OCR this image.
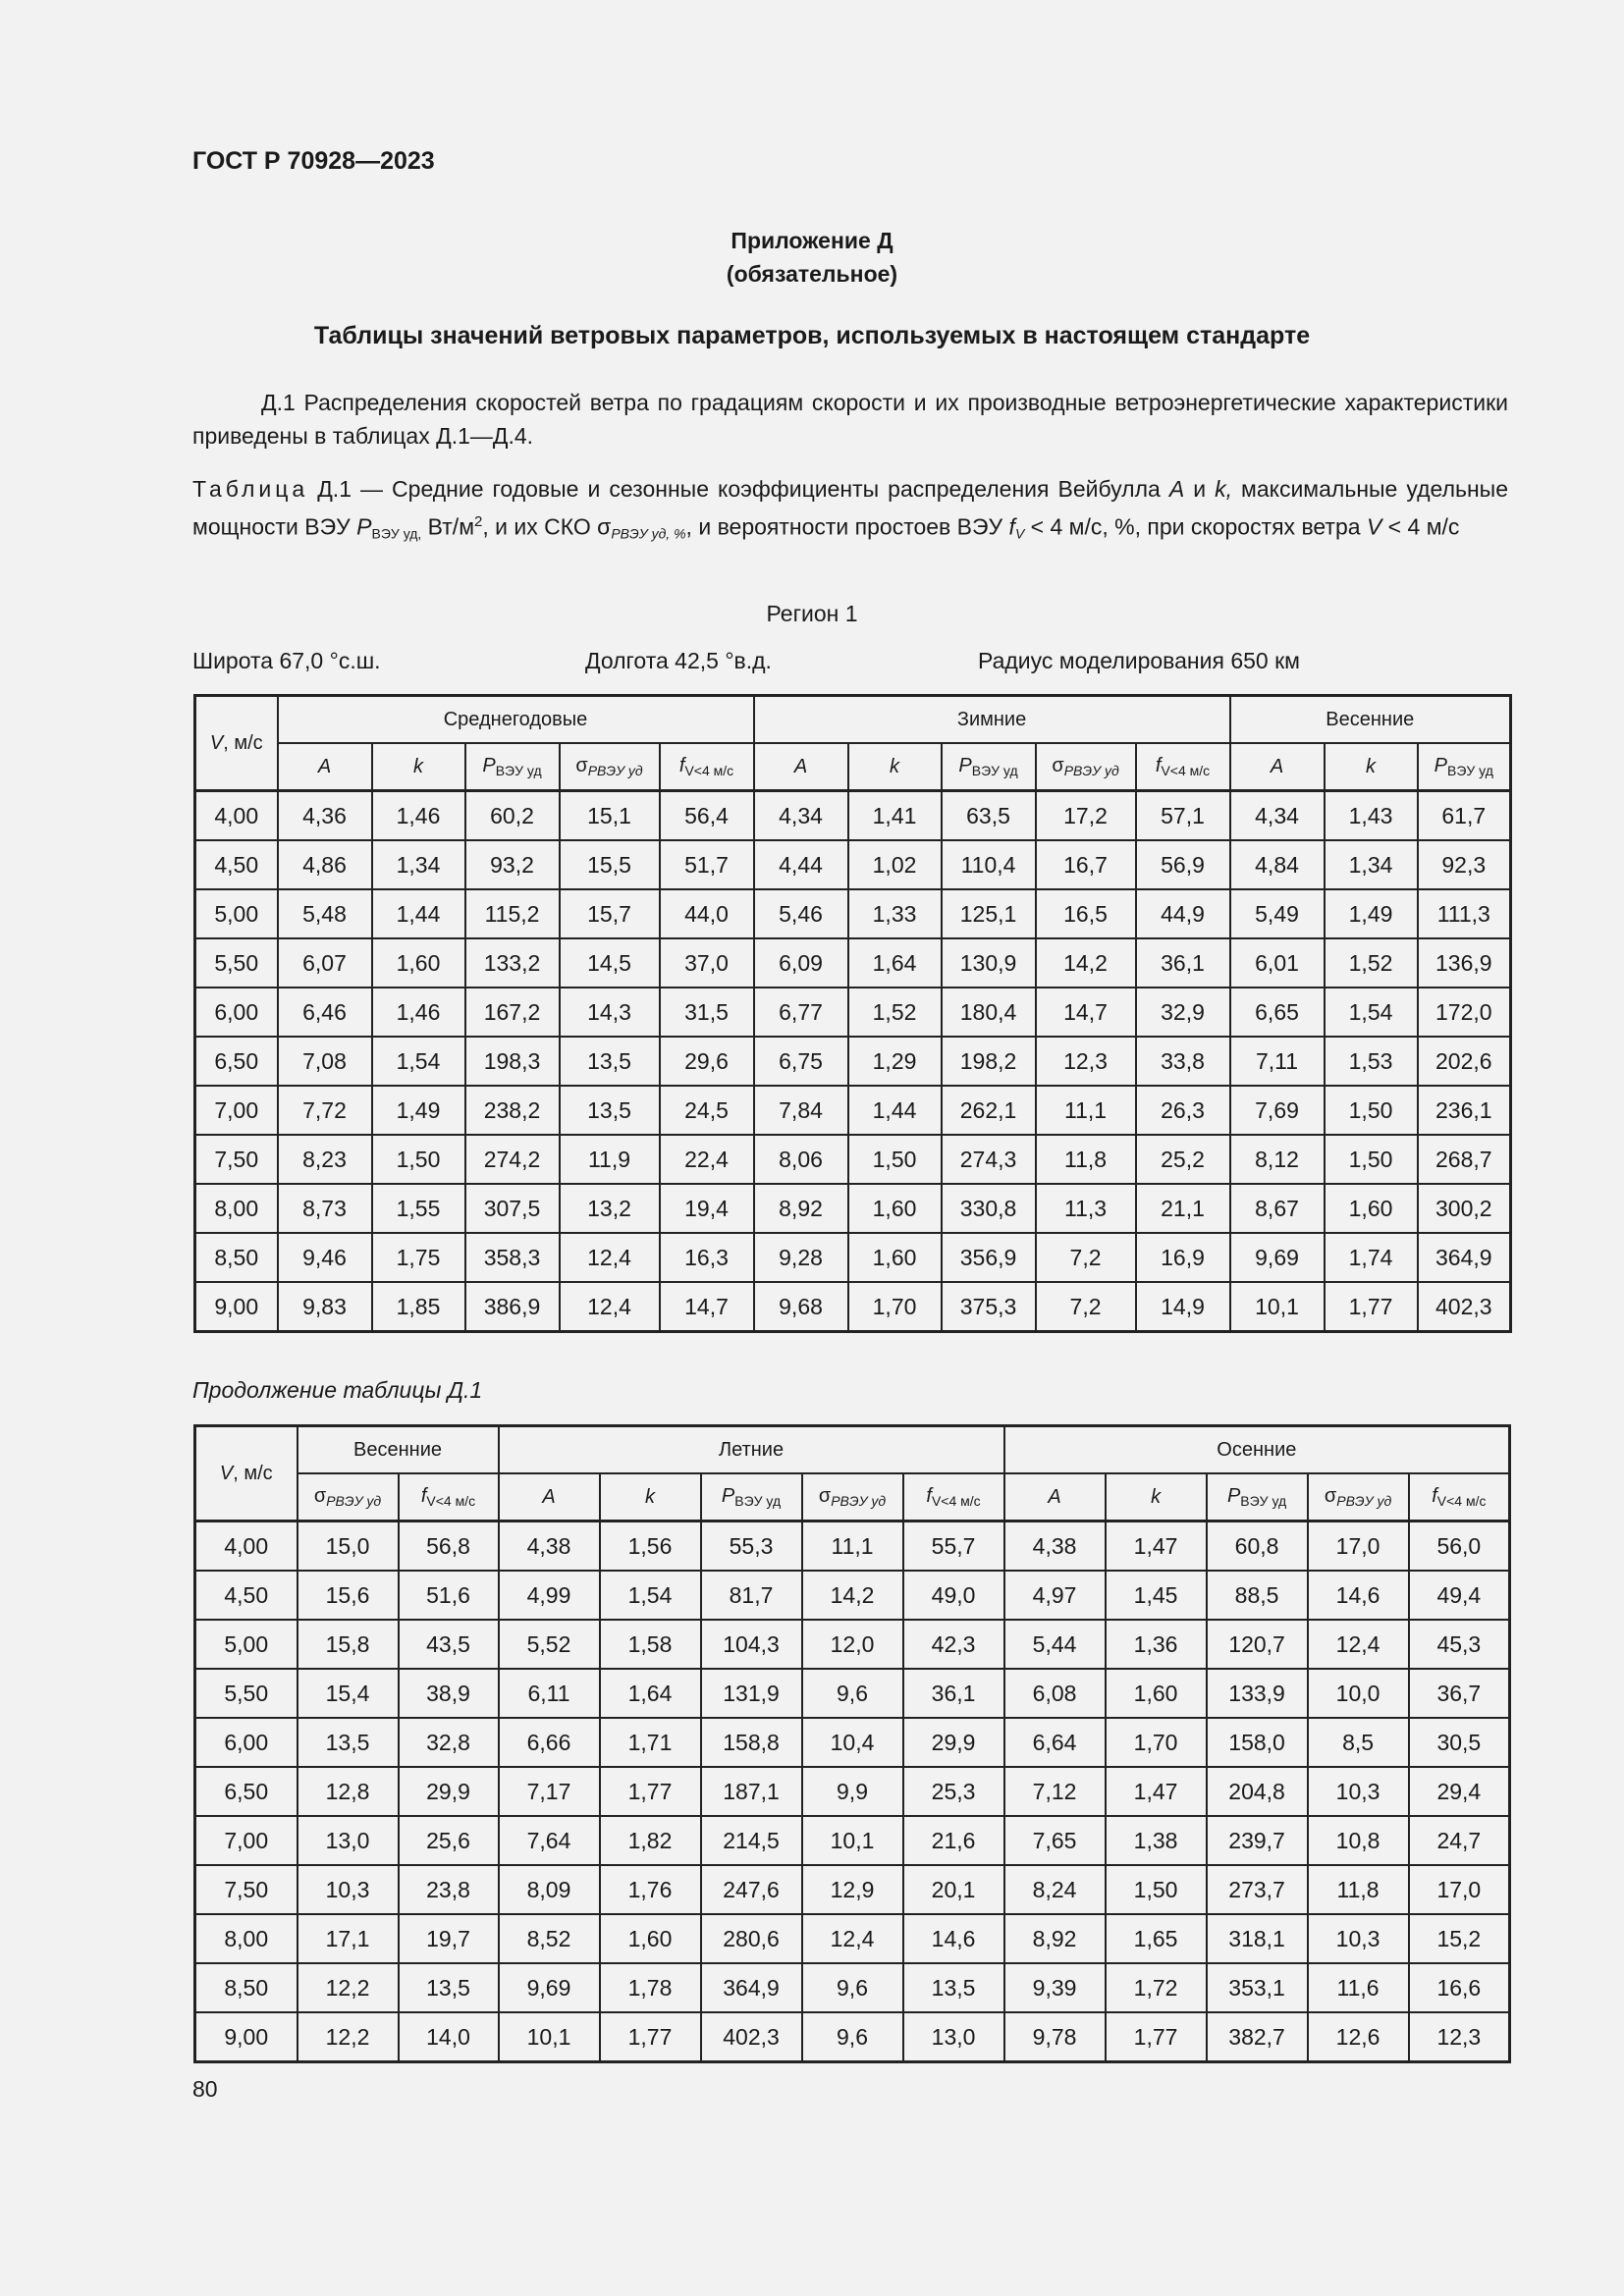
ГОСТ Р 70928—2023
Приложение Д
(обязательное)
Таблицы значений ветровых параметров, используемых в настоящем стандарте
Д.1 Распределения скоростей ветра по градациям скорости и их производные ветроэнергетические характеристики приведены в таблицах Д.1—Д.4.
Таблица Д.1 — Средние годовые и сезонные коэффициенты распределения Вейбулла A и k, максимальные удельные мощности ВЭУ $P_{ВЭУ уд,}$ $Вт/м^2$, и их СКО $\sigma_{PВЭУ уд, \%}$, и вероятности простоев ВЭУ $f_V < 4$ м/с, %, при скоростях ветра V < 4 м/с
Регион 1
Широта 67,0 °с.ш.	Долгота 42,5 °в.д.	Радиус моделирования 650 км
V, м/с	Среднегодовые					Зимние					Весенние		
	A	k	$P_{ВЭУ уд}$	$\sigma_{PВЭУ уд}$	$f_{V<4 м/с}$	A	k	$P_{ВЭУ уд}$	$\sigma_{PВЭУ уд}$	$f_{V<4 м/с}$	A	k	$P_{ВЭУ уд}$
4,00	4,36	1,46	60,2	15,1	56,4	4,34	1,41	63,5	17,2	57,1	4,34	1,43	61,7
4,50	4,86	1,34	93,2	15,5	51,7	4,44	1,02	110,4	16,7	56,9	4,84	1,34	92,3
5,00	5,48	1,44	115,2	15,7	44,0	5,46	1,33	125,1	16,5	44,9	5,49	1,49	111,3
5,50	6,07	1,60	133,2	14,5	37,0	6,09	1,64	130,9	14,2	36,1	6,01	1,52	136,9
6,00	6,46	1,46	167,2	14,3	31,5	6,77	1,52	180,4	14,7	32,9	6,65	1,54	172,0
6,50	7,08	1,54	198,3	13,5	29,6	6,75	1,29	198,2	12,3	33,8	7,11	1,53	202,6
7,00	7,72	1,49	238,2	13,5	24,5	7,84	1,44	262,1	11,1	26,3	7,69	1,50	236,1
7,50	8,23	1,50	274,2	11,9	22,4	8,06	1,50	274,3	11,8	25,2	8,12	1,50	268,7
8,00	8,73	1,55	307,5	13,2	19,4	8,92	1,60	330,8	11,3	21,1	8,67	1,60	300,2
8,50	9,46	1,75	358,3	12,4	16,3	9,28	1,60	356,9	7,2	16,9	9,69	1,74	364,9
9,00	9,83	1,85	386,9	12,4	14,7	9,68	1,70	375,3	7,2	14,9	10,1	1,77	402,3
Продолжение таблицы Д.1
V, м/с	Весенние		Летние					Осенние				
	$\sigma_{PВЭУ уд}$	$f_{V<4 м/с}$	A	k	$P_{ВЭУ уд}$	$\sigma_{PВЭУ уд}$	$f_{V<4 м/с}$	A	k	$P_{ВЭУ уд}$	$\sigma_{PВЭУ уд}$	$f_{V<4 м/с}$
4,00	15,0	56,8	4,38	1,56	55,3	11,1	55,7	4,38	1,47	60,8	17,0	56,0
4,50	15,6	51,6	4,99	1,54	81,7	14,2	49,0	4,97	1,45	88,5	14,6	49,4
5,00	15,8	43,5	5,52	1,58	104,3	12,0	42,3	5,44	1,36	120,7	12,4	45,3
5,50	15,4	38,9	6,11	1,64	131,9	9,6	36,1	6,08	1,60	133,9	10,0	36,7
6,00	13,5	32,8	6,66	1,71	158,8	10,4	29,9	6,64	1,70	158,0	8,5	30,5
6,50	12,8	29,9	7,17	1,77	187,1	9,9	25,3	7,12	1,47	204,8	10,3	29,4
7,00	13,0	25,6	7,64	1,82	214,5	10,1	21,6	7,65	1,38	239,7	10,8	24,7
7,50	10,3	23,8	8,09	1,76	247,6	12,9	20,1	8,24	1,50	273,7	11,8	17,0
8,00	17,1	19,7	8,52	1,60	280,6	12,4	14,6	8,92	1,65	318,1	10,3	15,2
8,50	12,2	13,5	9,69	1,78	364,9	9,6	13,5	9,39	1,72	353,1	11,6	16,6
9,00	12,2	14,0	10,1	1,77	402,3	9,6	13,0	9,78	1,77	382,7	12,6	12,3
80
